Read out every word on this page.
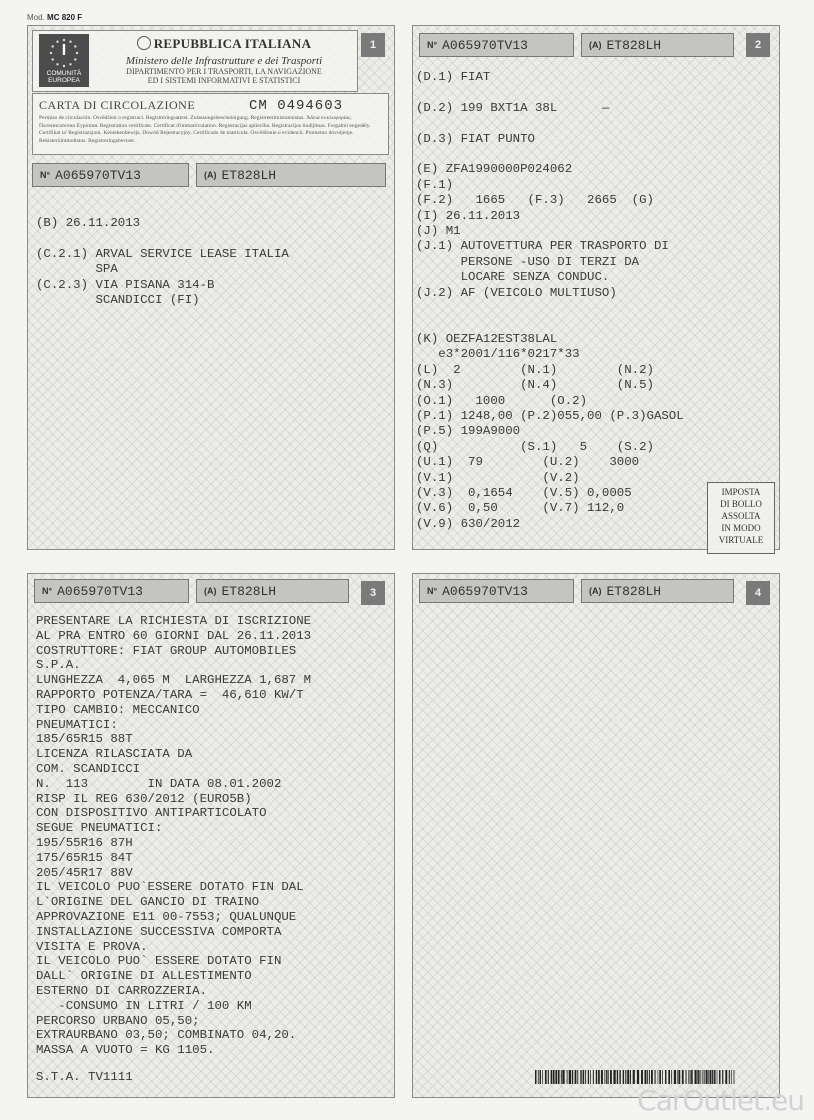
Mod. MC 820 F
1
I
COMUNITÀ
EUROPEA
REPUBBLICA ITALIANA
Ministero delle Infrastrutture e dei Trasporti
DIPARTIMENTO PER I TRASPORTI, LA NAVIGAZIONE
ED I SISTEMI INFORMATIVI E STATISTICI
CARTA DI CIRCOLAZIONE	CM 0494603
Permiso de circulación. Osvědčení o registraci. Registreringsattest. Zulassungsbescheinigung. Registreerimistunnistus. Άδεια κυκλοφορίας. Пътеписателно Еуропия. Registration certificate. Certificat d'immatriculation. Registracijas apliecība. Registracijos liudijimas. Forgalmi engedély. Certifikat ta' Registrazzjoni. Kentekenbewijs. Dowód Rejestracyjny. Certificado de matrícula. Osvědčenie o evidencii. Prometno dovoljenje. Rekisteröintitodistus. Registreringsbeviset.
N° A065970TV13	(A) ET828LH
(B) 26.11.2013

(C.2.1) ARVAL SERVICE LEASE ITALIA
SPA
(C.2.3) VIA PISANA 314-B
SCANDICCI (FI)
2
N° A065970TV13	(A) ET828LH
(D.1) FIAT

(D.2) 199 BXT1A 38L      —

(D.3) FIAT PUNTO

(E) ZFA1990000P024062
(F.1)
(F.2)   1665   (F.3)   2665  (G)
(I) 26.11.2013
(J) M1
(J.1) AUTOVETTURA PER TRASPORTO DI
PERSONE -USO DI TERZI DA
LOCARE SENZA CONDUC.
(J.2) AF (VEICOLO MULTIUSO)

(K) OEZFA12EST38LAL
e3*2001/116*0217*33
(L)  2        (N.1)        (N.2)
(N.3)         (N.4)        (N.5)
(O.1)   1000      (O.2)
(P.1) 1248,00 (P.2)055,00 (P.3)GASOL
(P.5) 199A9000
(Q)           (S.1)   5    (S.2)
(U.1)  79        (U.2)    3000
(V.1)            (V.2)
(V.3)  0,1654    (V.5) 0,0005
(V.6)  0,50      (V.7) 112,0
(V.9) 630/2012
IMPOSTA
DI BOLLO
ASSOLTA
IN MODO
VIRTUALE
3
N° A065970TV13	(A) ET828LH
PRESENTARE LA RICHIESTA DI ISCRIZIONE
AL PRA ENTRO 60 GIORNI DAL 26.11.2013
COSTRUTTORE: FIAT GROUP AUTOMOBILES
S.P.A.
LUNGHEZZA  4,065 M  LARGHEZZA 1,687 M
RAPPORTO POTENZA/TARA =  46,610 KW/T
TIPO CAMBIO: MECCANICO
PNEUMATICI:
185/65R15 88T
LICENZA RILASCIATA DA
COM. SCANDICCI
N.  113        IN DATA 08.01.2002
RISP IL REG 630/2012 (EURO5B)
CON DISPOSITIVO ANTIPARTICOLATO
SEGUE PNEUMATICI:
195/55R16 87H
175/65R15 84T
205/45R17 88V
IL VEICOLO PUO`ESSERE DOTATO FIN DAL
L`ORIGINE DEL GANCIO DI TRAINO
APPROVAZIONE E11 00-7553; QUALUNQUE
INSTALLAZIONE SUCCESSIVA COMPORTA
VISITA E PROVA.
IL VEICOLO PUO` ESSERE DOTATO FIN
DALL` ORIGINE DI ALLESTIMENTO
ESTERNO DI CARROZZERIA.
-CONSUMO IN LITRI / 100 KM
PERCORSO URBANO 05,50;
EXTRAURBANO 03,50; COMBINATO 04,20.
MASSA A VUOTO = KG 1105.
S.T.A. TV1111
4
N° A065970TV13	(A) ET828LH
CarOutlet.eu
